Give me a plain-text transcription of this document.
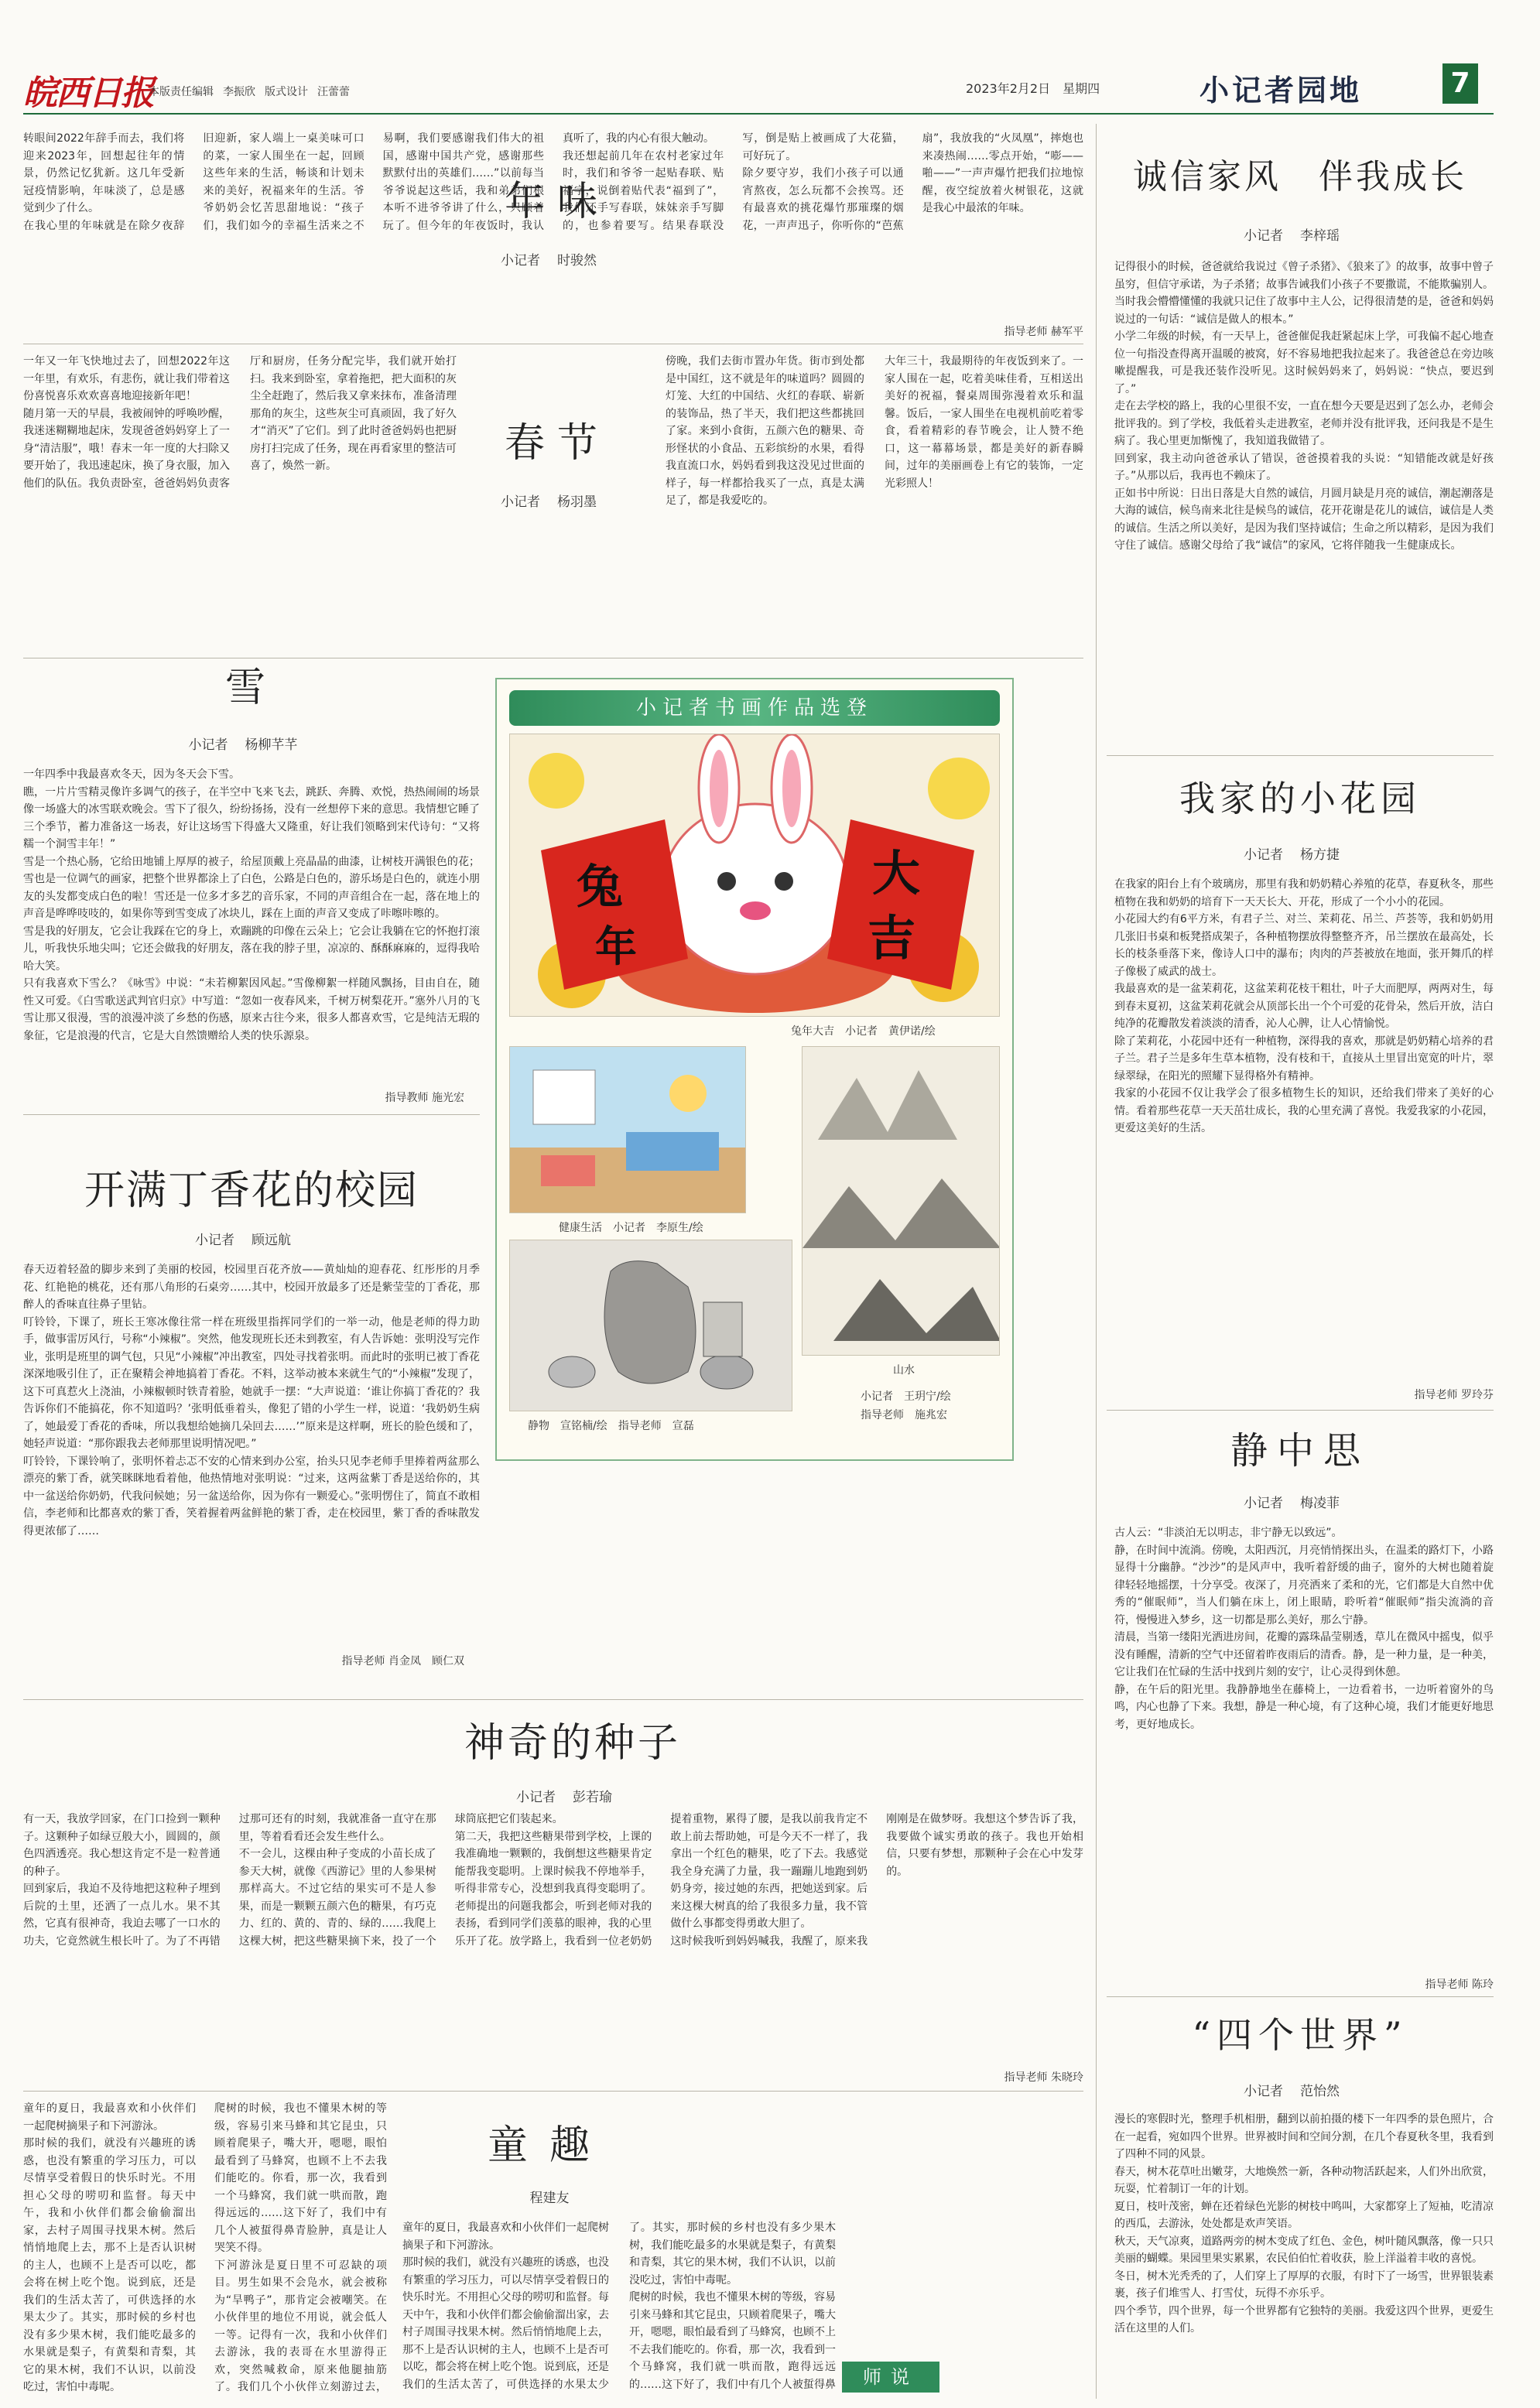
皖西日报
本版责任编辑 李振欣 版式设计 汪蕾蕾	2023年2月2日 星期四	小记者园地	7
转眼间2022年辞手而去，我们将迎来2023年，回想起往年的情景，仍然记忆犹新。这几年受新冠疫情影响，年味淡了，总是感觉到少了什么。
在我心里的年味就是在除夕夜辞旧迎新，家人端上一桌美味可口的菜，一家人围坐在一起，回顾这些年来的生活，畅谈和计划未来的美好，祝福来年的生活。爷爷奶奶会忆苦思甜地说：“孩子们，我们如今的幸福生活来之不易啊，我们要感谢我们伟大的祖国，感谢中国共产党，感谢那些默默付出的英雄们……”以前每当爷爷说起这些话，我和弟弟们根本听不进爷爷讲了什么，只顾着玩了。但今年的年夜饭时，我认真听了，我的内心有很大触动。
我还想起前几年在农村老家过年时，我们和爷爷一起贴春联、贴福字，说倒着贴代表“福到了”，我们还手写春联，妹妹亲手写脚的，也参着要写。结果春联没写，倒是贴上被画成了大花猫，可好玩了。
除夕要守岁，我们小孩子可以通宵熬夜，怎么玩都不会挨骂。还有最喜欢的挑花爆竹那璀璨的烟花，一声声迅子，你听你的“芭蕉扇”，我放我的“火凤凰”，摔炮也来凑热闹……零点开始，“嘭——啪——”一声声爆竹把我们拉地惊醒，夜空绽放着火树银花，这就是我心中最浓的年味。
年味
小记者 时骏然
指导老师 赫军平
一年又一年飞快地过去了，回想2022年这一年里，有欢乐，有悲伤，就让我们带着这份喜悦喜乐欢欢喜喜地迎接新年吧！
随月第一天的早晨，我被闹钟的呼唤吵醒，我迷迷糊糊地起床，发现爸爸妈妈穿上了一身“清洁服”，哦！春末一年一度的大扫除又要开始了，我迅速起床，换了身衣服，加入他们的队伍。我负责卧室，爸爸妈妈负责客厅和厨房，任务分配完毕，我们就开始打扫。我来到卧室，拿着拖把，把大面积的灰尘全赶跑了，然后我又拿来抹布，准备清理那角的灰尘，这些灰尘可真顽固，我了好久才“消灭”了它们。到了此时爸爸妈妈也把厨房打扫完成了任务，现在再看家里的整洁可喜了，焕然一新。	春节
小记者 杨羽墨
傍晚，我们去街市置办年货。街市到处都是中国红，这不就是年的味道吗？圆圆的灯笼、大红的中国结、火红的春联、崭新的装饰品，热了半天，我们把这些都挑回了家。来到小食街，五颜六色的糖果、奇形怪状的小食品、五彩缤纷的水果，看得我直流口水，妈妈看到我这没见过世面的样子，每一样都拾我买了一点，真是太满足了，都是我爱吃的。
大年三十，我最期待的年夜饭到来了。一家人围在一起，吃着美味佳肴，互相送出美好的祝福，餐桌周围弥漫着欢乐和温馨。饭后，一家人围坐在电视机前吃着零食，看着精彩的春节晚会，让人赞不绝口，这一幕幕场景，都是美好的新春瞬间，过年的美丽画卷上有它的装饰，一定光彩照人！
雪
小记者 杨柳芊芊
一年四季中我最喜欢冬天，因为冬天会下雪。
瞧，一片片雪精灵像许多调气的孩子，在半空中飞来飞去，跳跃、奔腾、欢悦，热热闹闹的场景像一场盛大的冰雪联欢晚会。雪下了很久，纷纷扬扬，没有一丝想停下来的意思。我情想它睡了三个季节，蓄力准备这一场表，好让这场雪下得盛大又隆重，好让我们领略到宋代诗句：“又将糯一个洞雪丰年！”
雪是一个热心肠，它给田地铺上厚厚的被子，给屋顶戴上亮晶晶的曲漆，让树枝开满银色的花；雪也是一位调气的画家，把整个世界都涂上了白色，公路是白色的，游乐场是白色的，就连小朋友的头发都变成白色的啦！雪还是一位多才多艺的音乐家，不同的声音组合在一起，落在地上的声音是哗哗吱吱的，如果你等到雪变成了冰块儿，踩在上面的声音又变成了咔嚓咔嚓的。
雪是我的好朋友，它会让我踩在它的身上，欢蹦跳的印像在云朵上；它会让我躺在它的怀抱打滚儿，听我快乐地尖叫；它还会做我的好朋友，落在我的脖子里，凉凉的、酥酥麻麻的，逗得我哈哈大笑。
只有我喜欢下雪么？《咏雪》中说：“未若柳絮因风起。”雪像柳絮一样随风飘扬，目由自在，随性又可爱。《白雪歌送武判官归京》中写道：“忽如一夜春风来，千树万树梨花开。”塞外八月的飞雪让那又很漫，雪的浪漫冲淡了乡愁的伤感，原来古往今来，很多人都喜欢雪，它是纯洁无瑕的象征，它是浪漫的代言，它是大自然馈赠给人类的快乐源泉。
指导教师 施光宏
开满丁香花的校园
小记者 顾远航
春天迈着轻盈的脚步来到了美丽的校园，校园里百花齐放——黄灿灿的迎春花、红彤彤的月季花、红艳艳的桃花，还有那八角形的石桌旁……其中，校园开放最多了还是紫莹莹的丁香花，那醉人的香味直往鼻子里钻。
叮铃铃，下课了，班长王寒冰像往常一样在班级里指挥同学们的一举一动，他是老师的得力助手，做事雷厉风行，号称“小辣椒”。突然，他发现班长还未到教室，有人告诉她：张明没写完作业，张明是班里的调气包，只见“小辣椒”冲出教室，四处寻找着张明。而此时的张明已被丁香花深深地吸引住了，正在聚精会神地搞着丁香花。不料，这举动被本来就生气的“小辣椒”发现了，这下可真惹火上浇油，小辣椒顿时铁青着脸，她就手一摆：“大声说道：‘谁让你搞丁香花的？我告诉你们不能搞花，你不知道吗？’张明低垂着头，像犯了错的小学生一样，说道：‘我奶奶生病了，她最爱丁香花的香味，所以我想给她摘几朵回去……’”原来是这样啊，班长的脸色缓和了，她轻声说道：“那你跟我去老师那里说明情况吧。”
叮铃铃，下课铃响了，张明怀着忐忑不安的心情来到办公室，抬头只见李老师手里捧着两盆那么漂亮的紫丁香，就笑眯眯地看着他，他热情地对张明说：“过来，这两盆紫丁香是送给你的，其中一盆送给你奶奶，代我问候她；另一盆送给你，因为你有一颗爱心。”张明愣住了，简直不敢相信，李老师和比都喜欢的紫丁香，笑着握着两盆鲜艳的紫丁香，走在校园里，紫丁香的香味散发得更浓郁了……
指导老师 肖金凤　顾仁双
小记者书画作品选登
兔
年
大
吉
兔年大吉 小记者 黄伊诺/绘
健康生活 小记者 李原生/绘
静物 宣铭楠/绘 指导老师 宣磊
山水
小记者 王玥宁/绘
指导老师 施兆宏
神奇的种子
小记者 彭若瑜
有一天，我放学回家，在门口捡到一颗种子。这颗种子如绿豆般大小，圆圆的，颜色四洒透亮。我心想这肯定不是一粒普通的种子。
回到家后，我迫不及待地把这粒种子埋到后院的土里，还洒了一点儿水。果不其然，它真有很神奇，我迫去哪了一口水的功夫，它竟然就生根长叶了。为了不再错过那可还有的时刻，我就准备一直守在那里，等着看看还会发生些什么。
不一会儿，这棵由种子变成的小苗长成了参天大树，就像《西游记》里的人参果树那样高大。不过它结的果实可不是人参果，而是一颗颗五颜六色的糖果，有巧克力、红的、黄的、青的、绿的……我爬上这棵大树，把这些糖果摘下来，投了一个球筒底把它们装起来。
第二天，我把这些糖果带到学校，上课的我准确地一颗颗的，我倒想这些糖果肯定能帮我变聪明。上课时候我不停地举手，听得非常专心，没想到我真得变聪明了。老师提出的问题我都会，听到老师对我的表扬，看到同学们羡慕的眼神，我的心里乐开了花。放学路上，我看到一位老奶奶提着重物，累得了腰，是我以前我肯定不敢上前去帮助她，可是今天不一样了，我拿出一个红色的糖果，吃了下去。我感觉我全身充满了力量，我一蹦蹦儿地跑到奶奶身旁，接过她的东西，把她送到家。后来这棵大树真的给了我很多力量，我不管做什么事都变得勇敢大胆了。
这时候我听到妈妈喊我，我醒了，原来我刚刚是在做梦呀。我想这个梦告诉了我，我要做个诚实勇敢的孩子。我也开始相信，只要有梦想，那颗种子会在心中发芽的。
指导老师 朱晓玲
童趣
程建友
童年的夏日，我最喜欢和小伙伴们一起爬树摘果子和下河游泳。
那时候的我们，就没有兴趣班的诱惑，也没有繁重的学习压力，可以尽情享受着假日的快乐时光。不用担心父母的唠叨和监督。每天中午，我和小伙伴们都会偷偷溜出家，去村子周围寻找果木树。然后悄悄地爬上去，那不上是否认识树的主人，也顾不上是否可以吃，都会将在树上吃个饱。说到底，还是我们的生活太苦了，可供选择的水果太少了。其实，那时候的乡村也没有多少果木树，我们能吃最多的水果就是梨子，有黄梨和青梨，其它的果木树，我们不认识，以前没吃过，害怕中毒呢。
爬树的时候，我也不懂果木树的等级，容易引来马蜂和其它昆虫，只顾着爬果子，嘴大开，嗯嗯，眼怕最看到了马蜂窝，也顾不上不去我们能吃的。你看，那一次，我看到一个马蜂窝，我们就一哄而散，跑得远远的……这下好了，我们中有几个人被蜇得鼻青脸肿，真是让人哭笑不得。
下河游泳是夏日里不可忍缺的项目。男生如果不会凫水，就会被称为“旱鸭子”，那肯定会被嘲笑。在小伙伴里的地位不用说，就会低人一等。记得有一次，我和小伙伴们去游泳，我的表哥在水里游得正欢，突然喊救命，原来他腿抽筋了。我们几个小伙伴立刻游过去，
童年的夏日，我最喜欢和小伙伴们一起爬树摘果子和下河游泳。
那时候的我们，就没有兴趣班的诱惑，也没有繁重的学习压力，可以尽情享受着假日的快乐时光。不用担心父母的唠叨和监督。每天中午，我和小伙伴们都会偷偷溜出家，去村子周围寻找果木树。然后悄悄地爬上去，那不上是否认识树的主人，也顾不上是否可以吃，都会将在树上吃个饱。说到底，还是我们的生活太苦了，可供选择的水果太少了。其实，那时候的乡村也没有多少果木树，我们能吃最多的水果就是梨子，有黄梨和青梨，其它的果木树，我们不认识，以前没吃过，害怕中毒呢。
爬树的时候，我也不懂果木树的等级，容易引来马蜂和其它昆虫，只顾着爬果子，嘴大开，嗯嗯，眼怕最看到了马蜂窝，也顾不上不去我们能吃的。你看，那一次，我看到一个马蜂窝，我们就一哄而散，跑得远远的……这下好了，我们中有几个人被蜇得鼻	师说
诚信家风　伴我成长
小记者 李梓瑶
记得很小的时候，爸爸就给我说过《曾子杀猪》、《狼来了》的故事，故事中曾子虽穷，但信守承诺，为子杀猪；故事告诫我们小孩子不要撒谎，不能欺骗别人。当时我会懵懵懂懂的我就只记住了故事中主人公，记得很清楚的是，爸爸和妈妈说过的一句话：“诚信是做人的根本。”
小学二年级的时候，有一天早上，爸爸催促我赶紧起床上学，可我偏不起心地查位一句指没查得离开温暖的被窝，好不容易地把我拉起来了。我爸爸总在旁边咳嗽提醒我，可是我还装作没听见。这时候妈妈来了，妈妈说：“快点，要迟到了。”
走在去学校的路上，我的心里很不安，一直在想今天要是迟到了怎么办，老师会批评我的。到了学校，我低着头走进教室，老师并没有批评我，还问我是不是生病了。我心里更加惭愧了，我知道我做错了。
回到家，我主动向爸爸承认了错误，爸爸摸着我的头说：“知错能改就是好孩子。”从那以后，我再也不赖床了。
正如书中所说：日出日落是大自然的诚信，月圆月缺是月亮的诚信，潮起潮落是大海的诚信，候鸟南来北往是候鸟的诚信，花开花谢是花儿的诚信，诚信是人类的诚信。生活之所以美好，是因为我们坚持诚信；生命之所以精彩，是因为我们守住了诚信。感谢父母给了我“诚信”的家风，它将伴随我一生健康成长。
我家的小花园
小记者 杨方捷
在我家的阳台上有个玻璃房，那里有我和奶奶精心养殖的花草，春夏秋冬，那些植物在我和奶奶的培育下一天天长大、开花，形成了一个小小的花园。
小花园大约有6平方米，有君子兰、对兰、茉莉花、吊兰、芦荟等，我和奶奶用几张旧书桌和板凳搭成架子，各种植物摆放得整整齐齐，吊兰摆放在最高处，长长的枝条垂落下来，像诗人口中的瀑布；肉肉的芦荟被放在地面，张开舞爪的样子像极了威武的战士。
我最喜欢的是一盆茉莉花，这盆茉莉花枝干粗壮，叶子大而肥厚，两两对生，每到春末夏初，这盆茉莉花就会从顶部长出一个个可爱的花骨朵，然后开放，洁白纯净的花瓣散发着淡淡的清香，沁人心脾，让人心情愉悦。
除了茉莉花，小花园中还有一种植物，深得我的喜欢，那就是奶奶精心培养的君子兰。君子兰是多年生草本植物，没有枝和干，直接从土里冒出宽宽的叶片，翠绿翠绿，在阳光的照耀下显得格外有精神。
我家的小花园不仅让我学会了很多植物生长的知识，还给我们带来了美好的心情。看着那些花草一天天茁壮成长，我的心里充满了喜悦。我爱我家的小花园，更爱这美好的生活。
指导老师 罗玲芬
静中思
小记者 梅凌菲
古人云：“非淡泊无以明志，非宁静无以致远”。
静，在时间中流淌。傍晚，太阳西沉，月亮悄悄探出头，在温柔的路灯下，小路显得十分幽静。“沙沙”的是风声中，我听着舒缓的曲子，窗外的大树也随着旋律轻轻地摇摆，十分享受。夜深了，月亮洒来了柔和的光，它们都是大自然中优秀的“催眠师”，当人们躺在床上，闭上眼睛，聆听着“催眠师”指尖流淌的音符，慢慢进入梦乡，这一切都是那么美好，那么宁静。
清晨，当第一缕阳光洒进房间，花瓣的露珠晶莹剔透，草儿在微风中摇曳，似乎没有睡醒，清新的空气中还留着昨夜雨后的清香。静，是一种力量，是一种美，它让我们在忙碌的生活中找到片刻的安宁，让心灵得到休憩。
静，在午后的阳光里。我静静地坐在藤椅上，一边看着书，一边听着窗外的鸟鸣，内心也静了下来。我想，静是一种心境，有了这种心境，我们才能更好地思考，更好地成长。
指导老师 陈玲
“四个世界”
小记者 范怡然
漫长的寒假时光，整理手机相册，翻到以前拍摄的楼下一年四季的景色照片，合在一起看，宛如四个世界。世界被时间和空间分割，在几个春夏秋冬里，我看到了四种不同的风景。
春天，树木花草吐出嫩芽，大地焕然一新，各种动物活跃起来，人们外出欣赏，玩耍，忙着制订一年的计划。
夏日，枝叶茂密，蝉在还着绿色光影的树枝中鸣叫，大家都穿上了短袖，吃清凉的西瓜，去游泳，处处都是欢声笑语。
秋天，天气凉爽，道路两旁的树木变成了红色、金色，树叶随风飘落，像一只只美丽的蝴蝶。果园里果实累累，农民伯伯忙着收获，脸上洋溢着丰收的喜悦。
冬日，树木光秃秃的了，人们穿上了厚厚的衣服，有时下了一场雪，世界银装素裹，孩子们堆雪人、打雪仗，玩得不亦乐乎。
四个季节，四个世界，每一个世界都有它独特的美丽。我爱这四个世界，更爱生活在这里的人们。
